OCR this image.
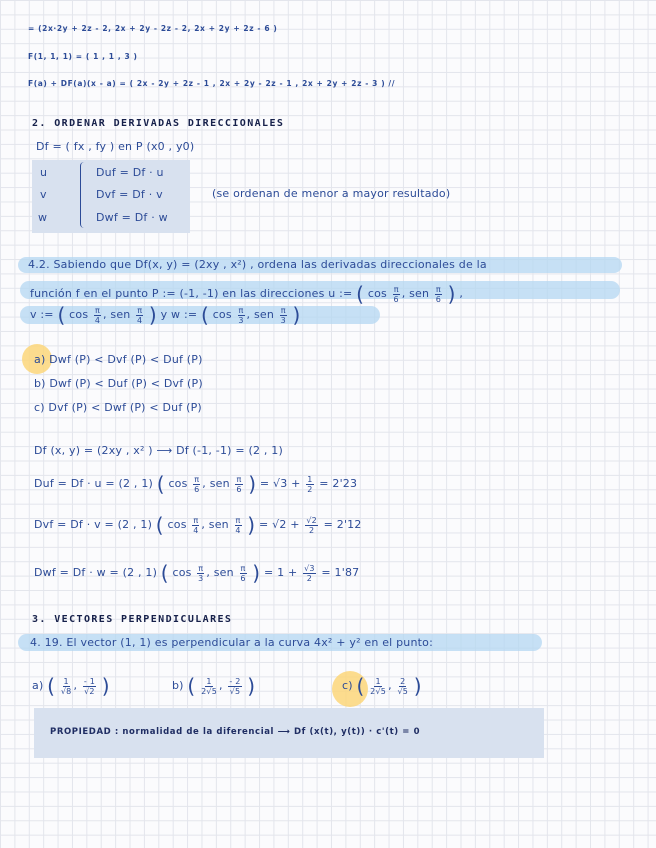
= (2x·2y + 2z - 2, 2x + 2y - 2z - 2, 2x + 2y + 2z - 6 )
F(1, 1, 1) = ( 1 , 1 , 3 )
F(a) + DF(a)(x - a) = ( 2x - 2y + 2z - 1 , 2x + 2y - 2z - 1 , 2x + 2y + 2z - 3 ) //
2. ORDENAR DERIVADAS DIRECCIONALES
Df = ( fx , fy ) en P (x0 , y0)
u
v
w
Duf = Df · u
Dvf = Df · v
Dwf = Df · w
(se ordenan de menor a mayor resultado)
4.2. Sabiendo que Df(x, y) = (2xy , x²) , ordena las derivadas direccionales de la
función f en el punto P := (-1, -1) en las direcciones u := ( $\cos \frac{\pi}{6}$ , sen $\frac{\pi}{6}$ ) ,
v := ( $\cos \frac{\pi}{4}$ , sen $\frac{\pi}{4}$ ) y w := ( $\cos \frac{\pi}{3}$ , sen $\frac{\pi}{3}$ )
a) Dwf (P) < Dvf (P) < Duf (P)
b) Dwf (P) < Duf (P) < Dvf (P)
c) Dvf (P) < Dwf (P) < Duf (P)
Df (x, y) = (2xy , x² ) ⟶ Df (-1, -1) = (2 , 1)
Duf = Df · u = (2 , 1) ( $\cos \frac{\pi}{6}$ , sen $\frac{\pi}{6}$ ) = $√3 + \frac{1}{2} = 2'23$
Dvf = Df · v = (2 , 1) ( $\cos \frac{\pi}{4}$ , sen $\frac{\pi}{4}$ ) = $√2 + \frac{√2}{2} = 2'12$
Dwf = Df · w = (2 , 1) ( $\cos \frac{\pi}{3}$ , sen $\frac{\pi}{6}$ ) = $1 + \frac{√3}{2} = 1'87$
3. VECTORES PERPENDICULARES
4. 19. El vector (1, 1) es perpendicular a la curva 4x² + y² en el punto:
a) ( $\frac{1}{√8}$ , $\frac{- 1}{√2}$ )	b) ( $\frac{1}{2√5}$ , $\frac{- 2}{√5}$ )	c) ( $\frac{1}{2√5}$ , $\frac{2}{√5}$ )
PROPIEDAD : normalidad de la diferencial ⟶ Df (x(t), y(t)) · c'(t) = 0
